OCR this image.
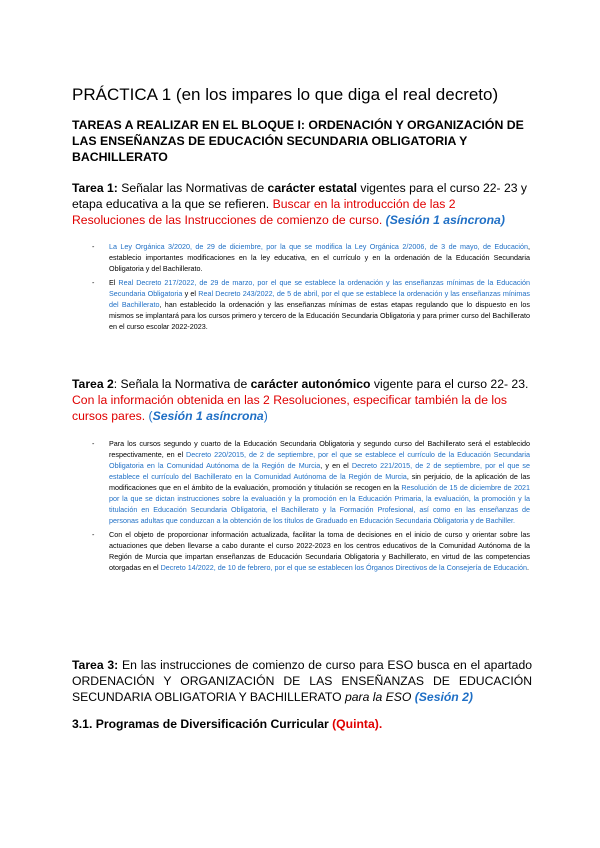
PRÁCTICA 1 (en los impares lo que diga el real decreto)
TAREAS A REALIZAR EN EL BLOQUE I: ORDENACIÓN Y ORGANIZACIÓN DE LAS ENSEÑANZAS DE EDUCACIÓN SECUNDARIA OBLIGATORIA Y BACHILLERATO
Tarea 1: Señalar las Normativas de carácter estatal vigentes para el curso 22- 23 y etapa educativa a la que se refieren. Buscar en la introducción de las 2 Resoluciones de las Instrucciones de comienzo de curso. (Sesión 1 asíncrona)
- La Ley Orgánica 3/2020, de 29 de diciembre, por la que se modifica la Ley Orgánica 2/2006, de 3 de mayo, de Educación, establecio importantes modificaciones en la ley educativa, en el currículo y en la ordenación de la Educación Secundaria Obligatoria y del Bachillerato.
- El Real Decreto 217/2022, de 29 de marzo, por el que se establece la ordenación y las enseñanzas mínimas de la Educación Secundaria Obligatoria y el Real Decreto 243/2022, de 5 de abril, por el que se establece la ordenación y las enseñanzas mínimas del Bachillerato, han establecido la ordenación y las enseñanzas mínimas de estas etapas regulando que lo dispuesto en los mismos se implantará para los cursos primero y tercero de la Educación Secundaria Obligatoria y para primer curso del Bachillerato en el curso escolar 2022-2023.
Tarea 2: Señala la Normativa de carácter autonómico vigente para el curso 22- 23. Con la información obtenida en las 2 Resoluciones, especificar también la de los cursos pares. (Sesión 1 asíncrona)
- Para los cursos segundo y cuarto de la Educación Secundaria Obligatoria y segundo curso del Bachillerato será el establecido respectivamente, en el Decreto 220/2015, de 2 de septiembre, por el que se establece el currículo de la Educación Secundaria Obligatoria en la Comunidad Autónoma de la Región de Murcia, y en el Decreto 221/2015, de 2 de septiembre, por el que se establece el currículo del Bachillerato en la Comunidad Autónoma de la Región de Murcia, sin perjuicio, de la aplicación de las modificaciones que en el ámbito de la evaluación, promoción y titulación se recogen en la Resolución de 15 de diciembre de 2021 por la que se dictan instrucciones sobre la evaluación y la promoción en la Educación Primaria, la evaluación, la promoción y la titulación en Educación Secundaria Obligatoria, el Bachillerato y la Formación Profesional, así como en las enseñanzas de personas adultas que conduzcan a la obtención de los títulos de Graduado en Educación Secundaria Obligatoria y de Bachiller.
- Con el objeto de proporcionar información actualizada, facilitar la toma de decisiones en el inicio de curso y orientar sobre las actuaciones que deben llevarse a cabo durante el curso 2022-2023 en los centros educativos de la Comunidad Autónoma de la Región de Murcia que impartan enseñanzas de Educación Secundaria Obligatoria y Bachillerato, en virtud de las competencias otorgadas en el Decreto 14/2022, de 10 de febrero, por el que se establecen los Órganos Directivos de la Consejería de Educación.
Tarea 3: En las instrucciones de comienzo de curso para ESO busca en el apartado ORDENACIÓN Y ORGANIZACIÓN DE LAS ENSEÑANZAS DE EDUCACIÓN SECUNDARIA OBLIGATORIA Y BACHILLERATO para la ESO (Sesión 2)
3.1. Programas de Diversificación Curricular (Quinta).
